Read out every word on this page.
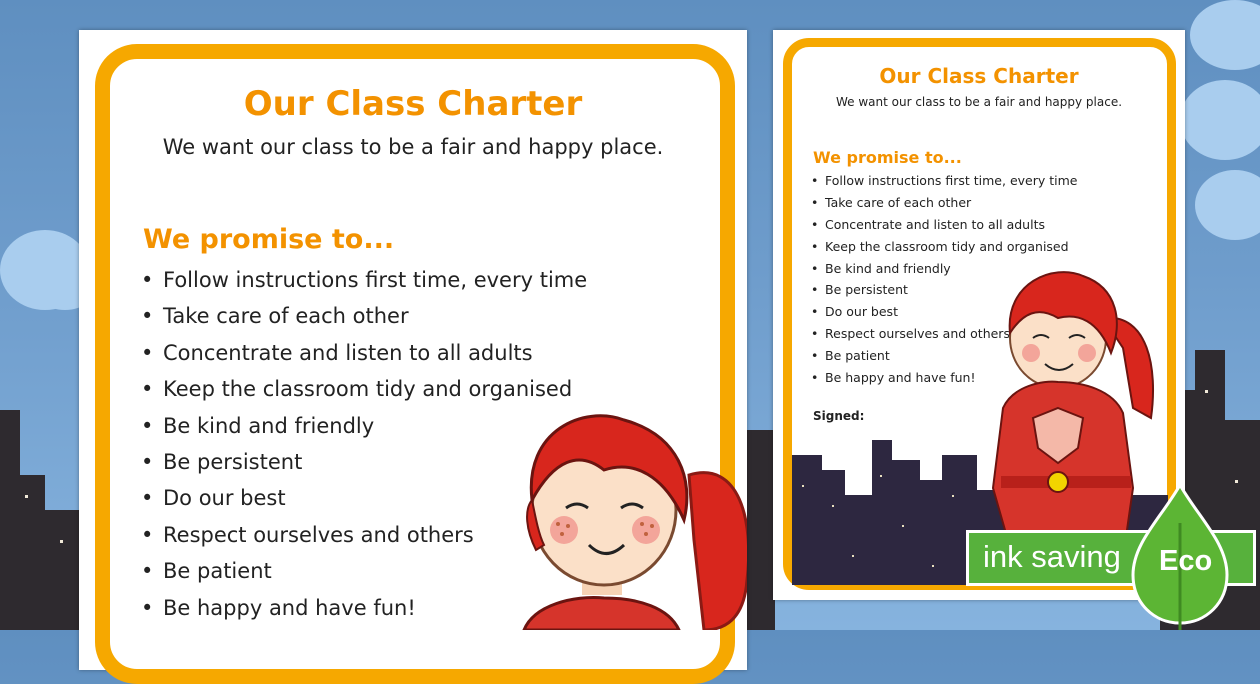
Our Class Charter
We want our class to be a fair and happy place.
We promise to...
• Follow instructions first time, every time
• Take care of each other
• Concentrate and listen to all adults
• Keep the classroom tidy and organised
• Be kind and friendly
• Be persistent
• Do our best
• Respect ourselves and others
• Be patient
• Be happy and have fun!
Our Class Charter
We want our class to be a fair and happy place.
We promise to...
• Follow instructions first time, every time
• Take care of each other
• Concentrate and listen to all adults
• Keep the classroom tidy and organised
• Be kind and friendly
• Be persistent
• Do our best
• Respect ourselves and others
• Be patient
• Be happy and have fun!
Signed:
ink saving Eco
